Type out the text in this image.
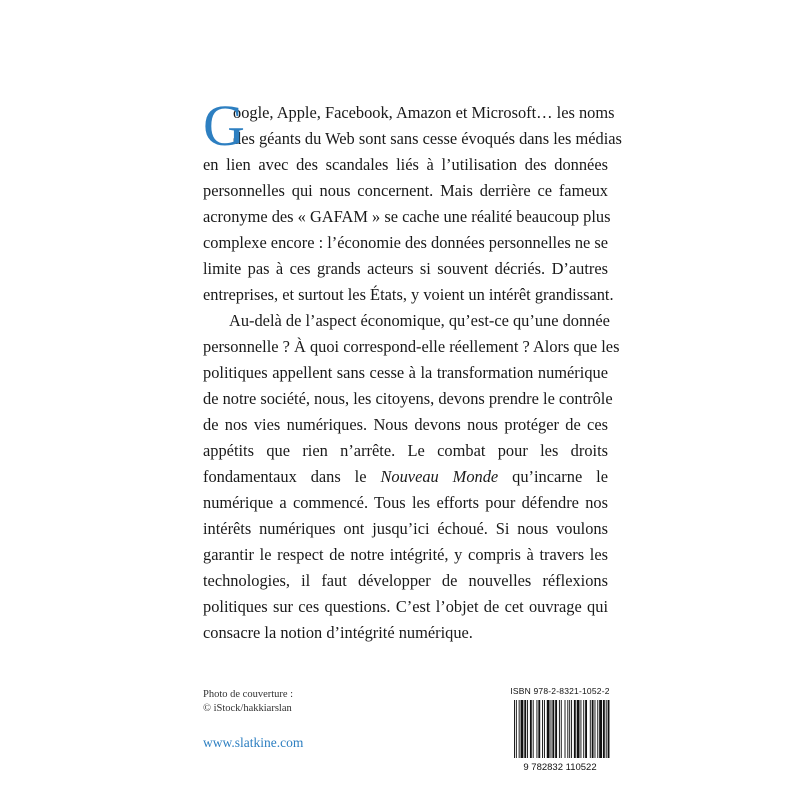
G

oogle, Apple, Facebook, Amazon et Microsoft… les noms
des géants du Web sont sans cesse évoqués dans les médias
en lien avec des scandales liés à l’utilisation des données
personnelles qui nous concernent. Mais derrière ce fameux
acronyme des « GAFAM » se cache une réalité beaucoup plus
complexe encore : l’économie des données personnelles ne se
limite pas à ces grands acteurs si souvent décriés. D’autres
entreprises, et surtout les États, y voient un intérêt grandissant.

Au-delà de l’aspect économique, qu’est-ce qu’une donnée
personnelle ? À quoi correspond-elle réellement ? Alors que les
politiques appellent sans cesse à la transformation numérique
de notre société, nous, les citoyens, devons prendre le contrôle
de nos vies numériques. Nous devons nous protéger de ces
appétits que rien n’arrête. Le combat pour les droits
fondamentaux dans le Nouveau Monde qu’incarne le
numérique a commencé. Tous les efforts pour défendre nos
intérêts numériques ont jusqu’ici échoué. Si nous voulons
garantir le respect de notre intégrité, y compris à travers les
technologies, il faut développer de nouvelles réflexions
politiques sur ces questions. C’est l’objet de cet ouvrage qui
consacre la notion d’intégrité numérique.

Photo de couverture :
© iStock/hakkiarslan
www.slatkine.com
ISBN 978-2-8321-1052-2
9 782832 110522
